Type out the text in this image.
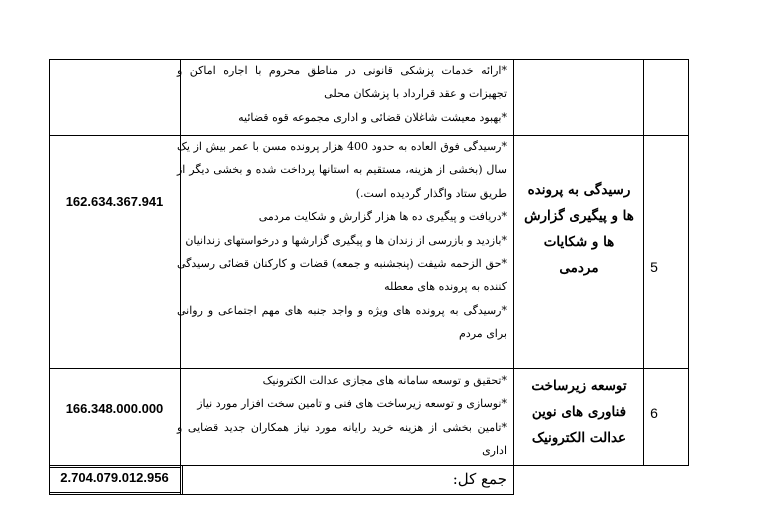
*ارائه خدمات پزشکی قانونی در مناطق محروم با اجاره اماکن و تجهیزات و عقد قرارداد با پزشکان محلی

*بهبود معیشت شاغلان قضائی و اداری مجموعه قوه قضائیه

5
رسیدگی به پرونده ها و پیگیری گزارش ها و شکایات مردمی

*رسیدگی فوق العاده به حدود 400 هزار پرونده مسن با عمر بیش از یک سال (بخشی از هزینه، مستقیم به استانها پرداخت شده و بخشی دیگر از طریق ستاد واگذار گردیده است.)

*دریافت و پیگیری ده ها هزار گزارش و شکایت مردمی

*بازدید و بازرسی از زندان ها و پیگیری گزارشها و درخواستهای زندانیان

*حق الزحمه شیفت (پنجشنبه و جمعه) قضات و کارکنان قضائی رسیدگی کننده به پرونده های معطله

*رسیدگی به پرونده های ویژه و واجد جنبه های مهم اجتماعی و روانی برای مردم

162.634.367.941
6
توسعه زیرساخت فناوری های نوین عدالت الکترونیک

*تحقیق و توسعه سامانه های مجازی عدالت الکترونیک

*نوسازی و توسعه زیرساخت های فنی و تامین سخت افزار مورد نیاز

*تامین بخشی از هزینه خرید رایانه مورد نیاز همکاران جدید قضایی و اداری

166.348.000.000
جمع کل:
2.704.079.012.956
